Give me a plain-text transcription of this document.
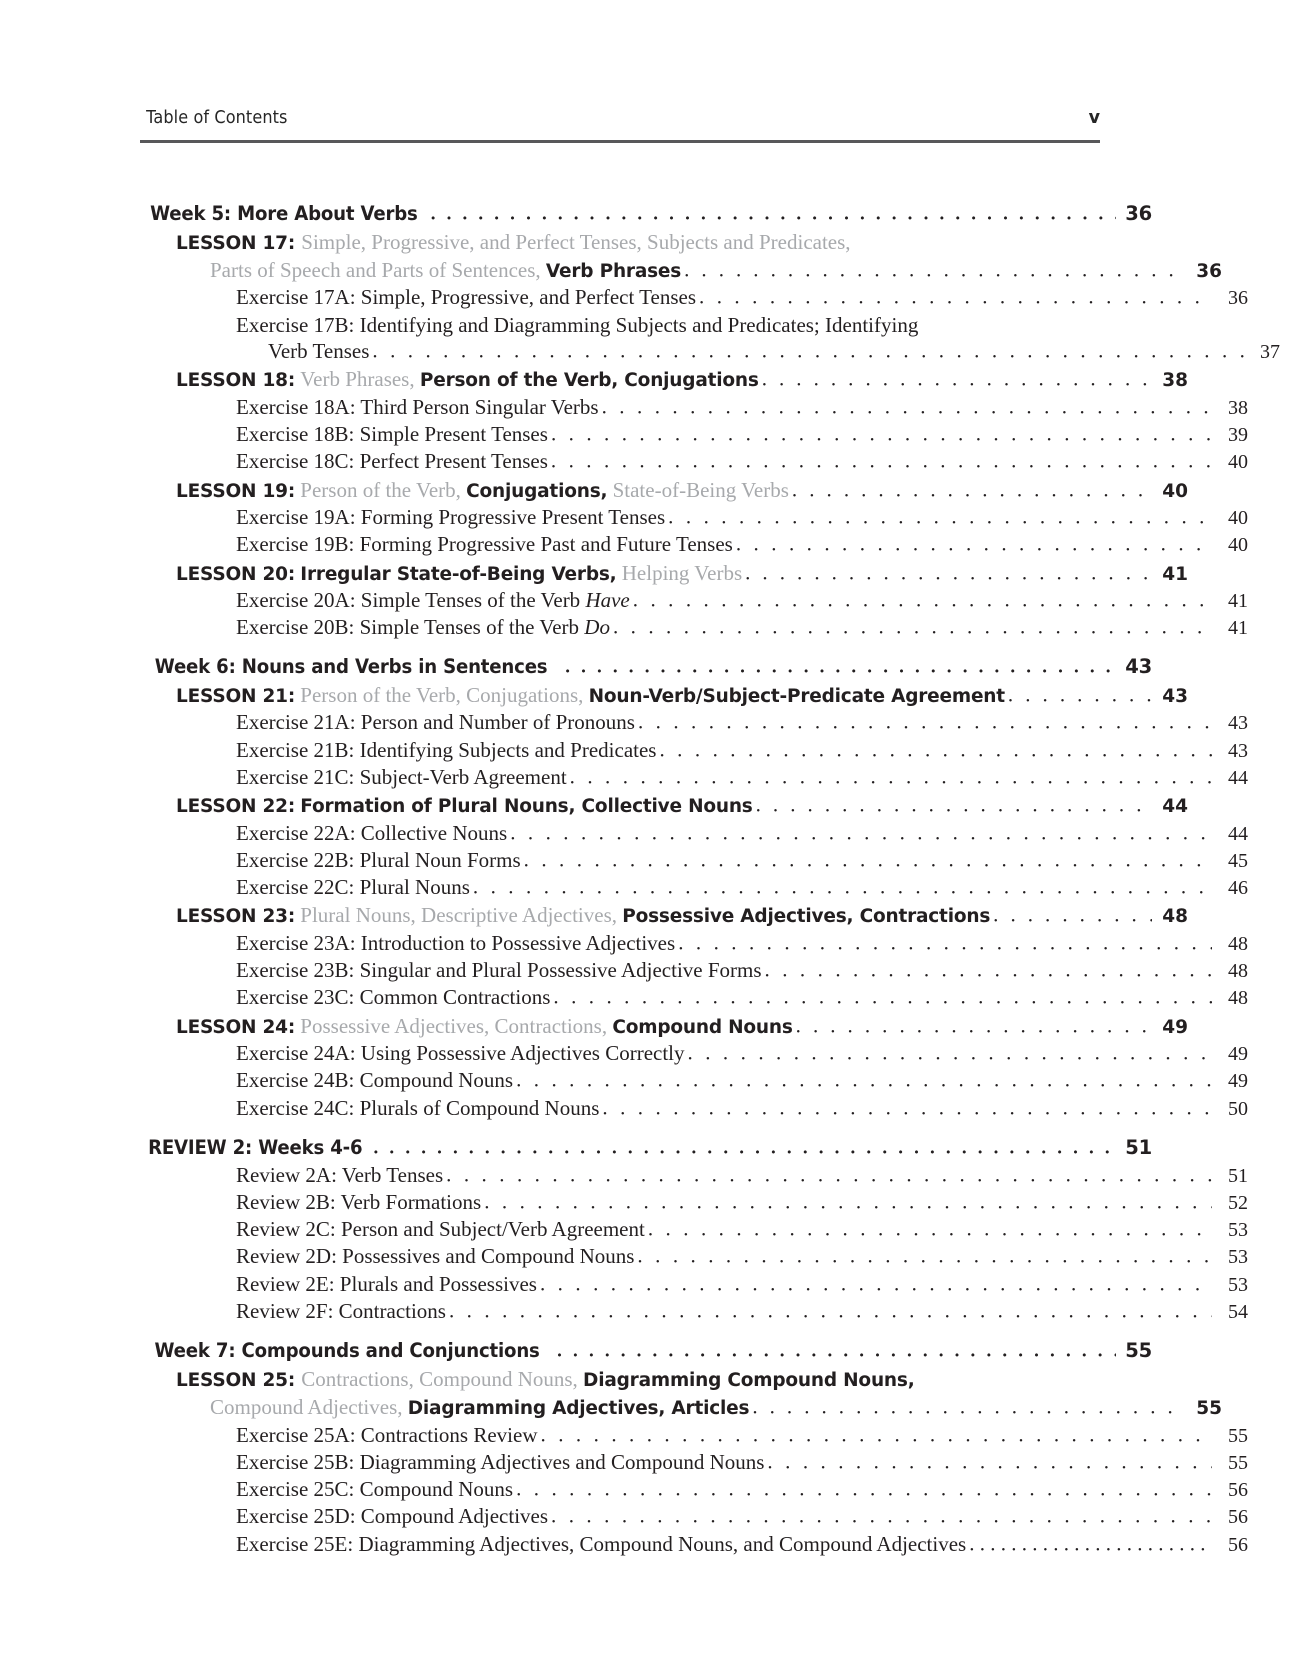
Table of Contents	v
Week 5: More About Verbs . . .	36
LESSON 17: Simple, Progressive, and Perfect Tenses, Subjects and Predicates,
Parts of Speech and Parts of Sentences, Verb Phrases . . .	36
Exercise 17A: Simple, Progressive, and Perfect Tenses . . .	36
Exercise 17B: Identifying and Diagramming Subjects and Predicates; Identifying
Verb Tenses . . .	37
LESSON 18: Verb Phrases, Person of the Verb, Conjugations . . .	38
Exercise 18A: Third Person Singular Verbs . . .	38
Exercise 18B: Simple Present Tenses . . .	39
Exercise 18C: Perfect Present Tenses . . .	40
LESSON 19: Person of the Verb, Conjugations, State-of-Being Verbs . . .	40
Exercise 19A: Forming Progressive Present Tenses . . .	40
Exercise 19B: Forming Progressive Past and Future Tenses . . .	40
LESSON 20: Irregular State-of-Being Verbs, Helping Verbs . . .	41
Exercise 20A: Simple Tenses of the Verb Have . . .	41
Exercise 20B: Simple Tenses of the Verb Do . . .	41
Week 6: Nouns and Verbs in Sentences . . .	43
LESSON 21: Person of the Verb, Conjugations, Noun-Verb/Subject-Predicate Agreement . . .	43
Exercise 21A: Person and Number of Pronouns . . .	43
Exercise 21B: Identifying Subjects and Predicates . . .	43
Exercise 21C: Subject-Verb Agreement . . .	44
LESSON 22: Formation of Plural Nouns, Collective Nouns . . .	44
Exercise 22A: Collective Nouns . . .	44
Exercise 22B: Plural Noun Forms . . .	45
Exercise 22C: Plural Nouns . . .	46
LESSON 23: Plural Nouns, Descriptive Adjectives, Possessive Adjectives, Contractions . . .	48
Exercise 23A: Introduction to Possessive Adjectives . . .	48
Exercise 23B: Singular and Plural Possessive Adjective Forms . . .	48
Exercise 23C: Common Contractions . . .	48
LESSON 24: Possessive Adjectives, Contractions, Compound Nouns . . .	49
Exercise 24A: Using Possessive Adjectives Correctly . . .	49
Exercise 24B: Compound Nouns . . .	49
Exercise 24C: Plurals of Compound Nouns . . .	50
REVIEW 2: Weeks 4-6 . . .	51
Review 2A: Verb Tenses . . .	51
Review 2B: Verb Formations . . .	52
Review 2C: Person and Subject/Verb Agreement . . .	53
Review 2D: Possessives and Compound Nouns . . .	53
Review 2E: Plurals and Possessives . . .	53
Review 2F: Contractions . . .	54
Week 7: Compounds and Conjunctions . . .	55
LESSON 25: Contractions, Compound Nouns, Diagramming Compound Nouns,
Compound Adjectives, Diagramming Adjectives, Articles . . .	55
Exercise 25A: Contractions Review . . .	55
Exercise 25B: Diagramming Adjectives and Compound Nouns . . .	55
Exercise 25C: Compound Nouns . . .	56
Exercise 25D: Compound Adjectives . . .	56
Exercise 25E: Diagramming Adjectives, Compound Nouns, and Compound Adjectives . . .	56
